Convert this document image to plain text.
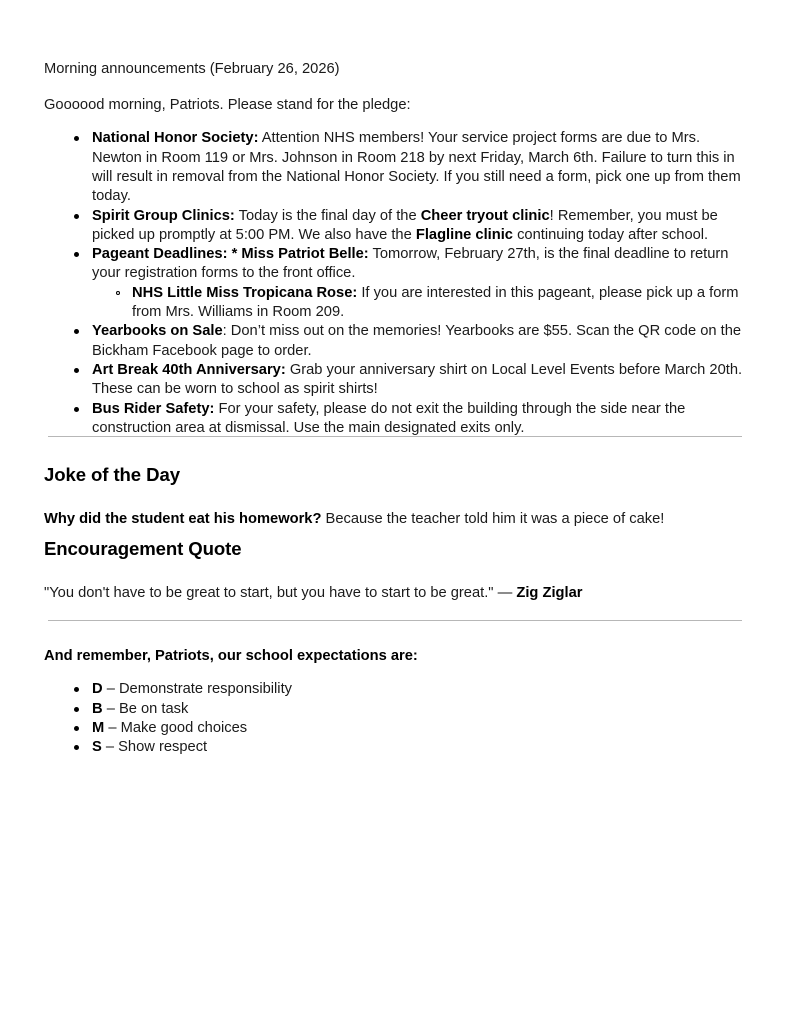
Morning announcements (February 26, 2026)

Goooood morning, Patriots. Please stand for the pledge:

National Honor Society: Attention NHS members! Your service project forms are due to Mrs. Newton in Room 119 or Mrs. Johnson in Room 218 by next Friday, March 6th. Failure to turn this in will result in removal from the National Honor Society. If you still need a form, pick one up from them today.
Spirit Group Clinics: Today is the final day of the Cheer tryout clinic! Remember, you must be picked up promptly at 5:00 PM. We also have the Flagline clinic continuing today after school.
Pageant Deadlines: * Miss Patriot Belle: Tomorrow, February 27th, is the final deadline to return your registration forms to the front office.
NHS Little Miss Tropicana Rose: If you are interested in this pageant, please pick up a form from Mrs. Williams in Room 209.
Yearbooks on Sale: Don’t miss out on the memories! Yearbooks are $55. Scan the QR code on the Bickham Facebook page to order.
Art Break 40th Anniversary: Grab your anniversary shirt on Local Level Events before March 20th. These can be worn to school as spirit shirts!
Bus Rider Safety: For your safety, please do not exit the building through the side near the construction area at dismissal. Use the main designated exits only.
Joke of the Day

Why did the student eat his homework? Because the teacher told him it was a piece of cake!

Encouragement Quote

"You don't have to be great to start, but you have to start to be great." — Zig Ziglar

And remember, Patriots, our school expectations are:

D – Demonstrate responsibility
B – Be on task
M – Make good choices
S – Show respect
